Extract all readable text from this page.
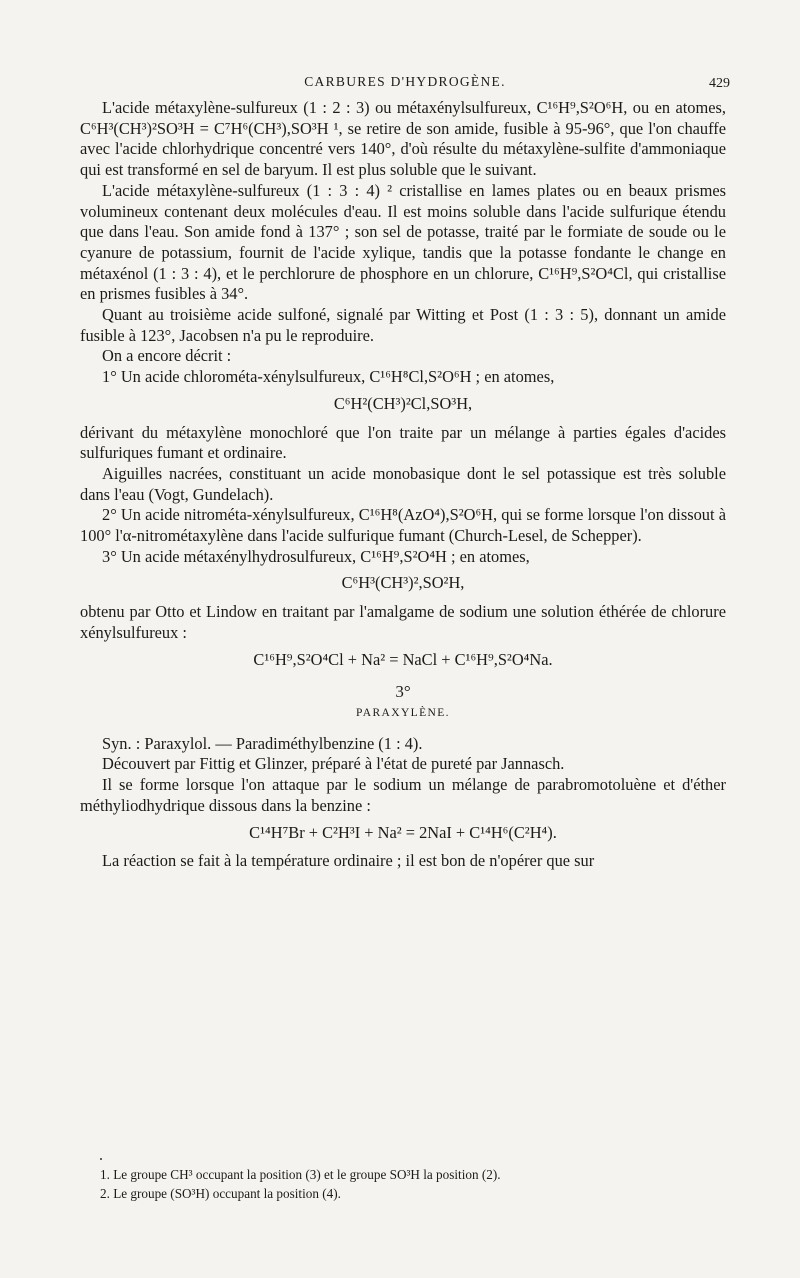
CARBURES D'HYDROGÈNE.	429

L'acide métaxylène-sulfureux (1 : 2 : 3) ou métaxénylsulfureux, C¹⁶H⁹,S²O⁶H, ou en atomes, C⁶H³(CH³)²SO³H = C⁷H⁶(CH³),SO³H ¹, se retire de son amide, fusible à 95-96°, que l'on chauffe avec l'acide chlorhydrique concentré vers 140°, d'où résulte du métaxylène-sulfite d'ammoniaque qui est transformé en sel de baryum. Il est plus soluble que le suivant.

L'acide métaxylène-sulfureux (1 : 3 : 4) ² cristallise en lames plates ou en beaux prismes volumineux contenant deux molécules d'eau. Il est moins soluble dans l'acide sulfurique étendu que dans l'eau. Son amide fond à 137° ; son sel de potasse, traité par le formiate de soude ou le cyanure de potassium, fournit de l'acide xylique, tandis que la potasse fondante le change en métaxénol (1 : 3 : 4), et le perchlorure de phosphore en un chlorure, C¹⁶H⁹,S²O⁴Cl, qui cristallise en prismes fusibles à 34°.

Quant au troisième acide sulfoné, signalé par Witting et Post (1 : 3 : 5), donnant un amide fusible à 123°, Jacobsen n'a pu le reproduire.

On a encore décrit :

1° Un acide chlorométa-xénylsulfureux, C¹⁶H⁸Cl,S²O⁶H ; en atomes,

C⁶H²(CH³)²Cl,SO³H,

dérivant du métaxylène monochloré que l'on traite par un mélange à parties égales d'acides sulfuriques fumant et ordinaire.

Aiguilles nacrées, constituant un acide monobasique dont le sel potassique est très soluble dans l'eau (Vogt, Gundelach).

2° Un acide nitrométa-xénylsulfureux, C¹⁶H⁸(AzO⁴),S²O⁶H, qui se forme lorsque l'on dissout à 100° l'α-nitrométaxylène dans l'acide sulfurique fumant (Church-Lesel, de Schepper).

3° Un acide métaxénylhydrosulfureux, C¹⁶H⁹,S²O⁴H ; en atomes,

C⁶H³(CH³)²,SO²H,

obtenu par Otto et Lindow en traitant par l'amalgame de sodium une solution éthérée de chlorure xénylsulfureux :

C¹⁶H⁹,S²O⁴Cl + Na² = NaCl + C¹⁶H⁹,S²O⁴Na.

3°

PARAXYLÈNE.

Syn. : Paraxylol. — Paradiméthylbenzine (1 : 4).

Découvert par Fittig et Glinzer, préparé à l'état de pureté par Jannasch.

Il se forme lorsque l'on attaque par le sodium un mélange de parabromotoluène et d'éther méthyliodhydrique dissous dans la benzine :

C¹⁴H⁷Br + C²H³I + Na² = 2NaI + C¹⁴H⁶(C²H⁴).

La réaction se fait à la température ordinaire ; il est bon de n'opérer que sur

1. Le groupe CH³ occupant la position (3) et le groupe SO³H la position (2).

2. Le groupe (SO³H) occupant la position (4).
